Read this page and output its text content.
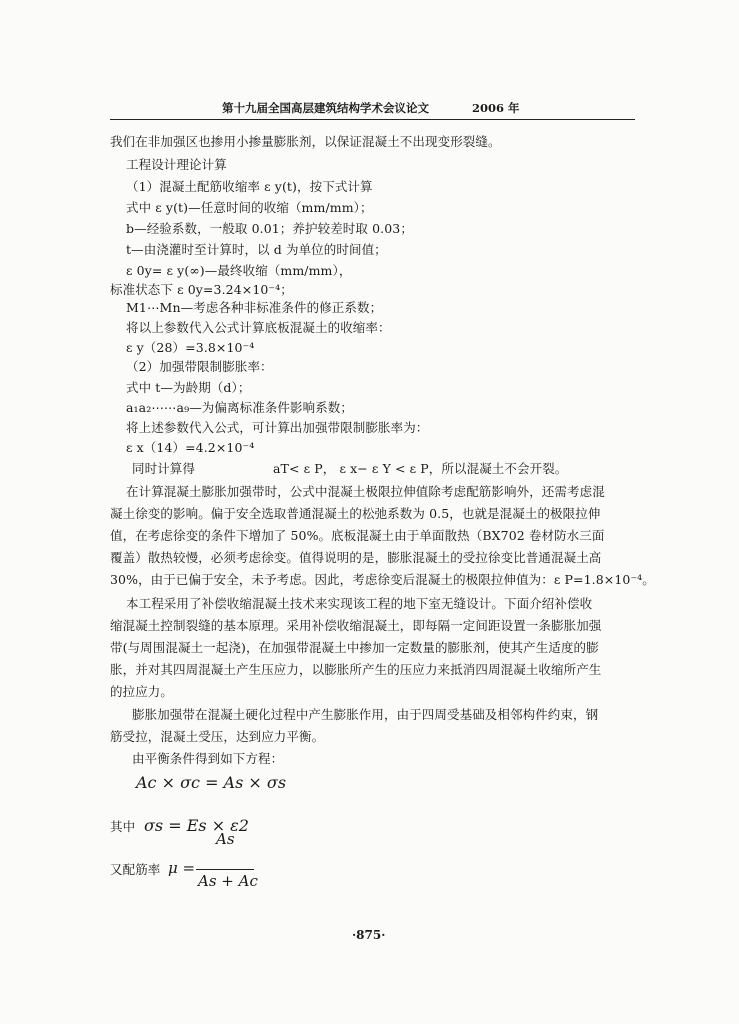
第十九届全国高层建筑结构学术会议论文	2006 年
我们在非加强区也掺用小掺量膨胀剂，以保证混凝土不出现变形裂缝。
工程设计理论计算
（1）混凝土配筋收缩率 ε y(t)，按下式计算
式中 ε y(t)—任意时间的收缩（mm/mm）；
b—经验系数，一般取 0.01；养护较差时取 0.03；
t—由浇灌时至计算时，以 d 为单位的时间值；
ε 0y= ε y(∞)—最终收缩（mm/mm），
标准状态下 ε 0y=3.24×10⁻⁴；
M1⋯Mn—考虑各种非标准条件的修正系数；
将以上参数代入公式计算底板混凝土的收缩率：
ε y（28）=3.8×10⁻⁴
（2）加强带限制膨胀率：
式中 t—为龄期（d）；
a₁a₂⋯⋯a₉—为偏离标准条件影响系数；
将上述参数代入公式，可计算出加强带限制膨胀率为：
ε x（14）=4.2×10⁻⁴
同时计算得	aT< ε P， ε x− ε Y < ε P，所以混凝土不会开裂。
在计算混凝土膨胀加强带时，公式中混凝土极限拉伸值除考虑配筋影响外，还需考虑混
凝土徐变的影响。偏于安全选取普通混凝土的松弛系数为 0.5，也就是混凝土的极限拉伸
值，在考虑徐变的条件下增加了 50%。底板混凝土由于单面散热（BX702 卷材防水三面
覆盖）散热较慢，必须考虑徐变。值得说明的是，膨胀混凝土的受拉徐变比普通混凝土高
30%，由于已偏于安全，未予考虑。因此，考虑徐变后混凝土的极限拉伸值为：ε P=1.8×10⁻⁴。
本工程采用了补偿收缩混凝土技术来实现该工程的地下室无缝设计。下面介绍补偿收
缩混凝土控制裂缝的基本原理。采用补偿收缩混凝土，即每隔一定间距设置一条膨胀加强
带(与周围混凝土一起浇)，在加强带混凝土中掺加一定数量的膨胀剂，使其产生适度的膨
胀，并对其四周混凝土产生压应力，以膨胀所产生的压应力来抵消四周混凝土收缩所产生
的拉应力。
膨胀加强带在混凝土硬化过程中产生膨胀作用，由于四周受基础及相邻构件约束，钢
筋受拉，混凝土受压，达到应力平衡。
由平衡条件得到如下方程：
Ac × σc = As × σs
其中 σs = Es × ε2
又配筋率 μ =
As
As + Ac
·875·
